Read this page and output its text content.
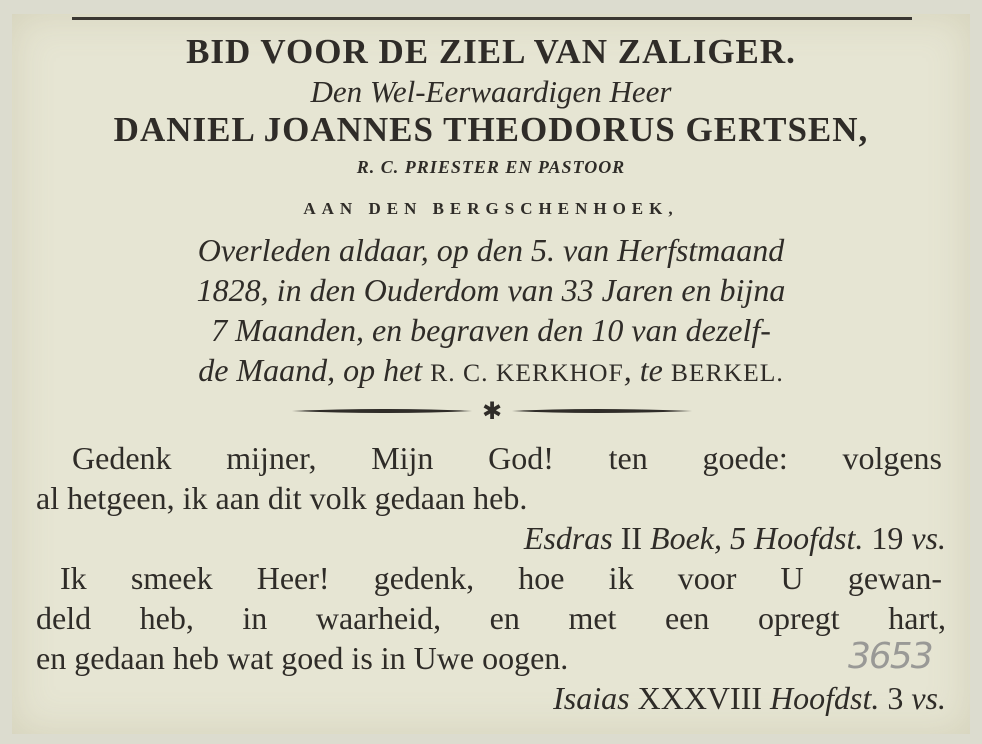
BID VOOR DE ZIEL VAN ZALIGER.
Den Wel-Eerwaardigen Heer
DANIEL JOANNES THEODORUS GERTSEN,
R. C. PRIESTER EN PASTOOR
AAN DEN BERGSCHENHOEK,
Overleden aldaar, op den 5. van Herfstmaand
1828, in den Ouderdom van 33 Jaren en bijna
7 Maanden, en begraven den 10 van dezelf-
de Maand, op het R. C. KERKHOF, te BERKEL.
✱
Gedenk mijner, Mijn God! ten goede: volgens
al hetgeen, ik aan dit volk gedaan heb.
Esdras II Boek, 5 Hoofdst. 19 vs.
Ik smeek Heer! gedenk, hoe ik voor U gewan-
deld heb, in waarheid, en met een opregt hart,
en gedaan heb wat goed is in Uwe oogen.
Isaias XXXVIII Hoofdst. 3 vs.
3653
